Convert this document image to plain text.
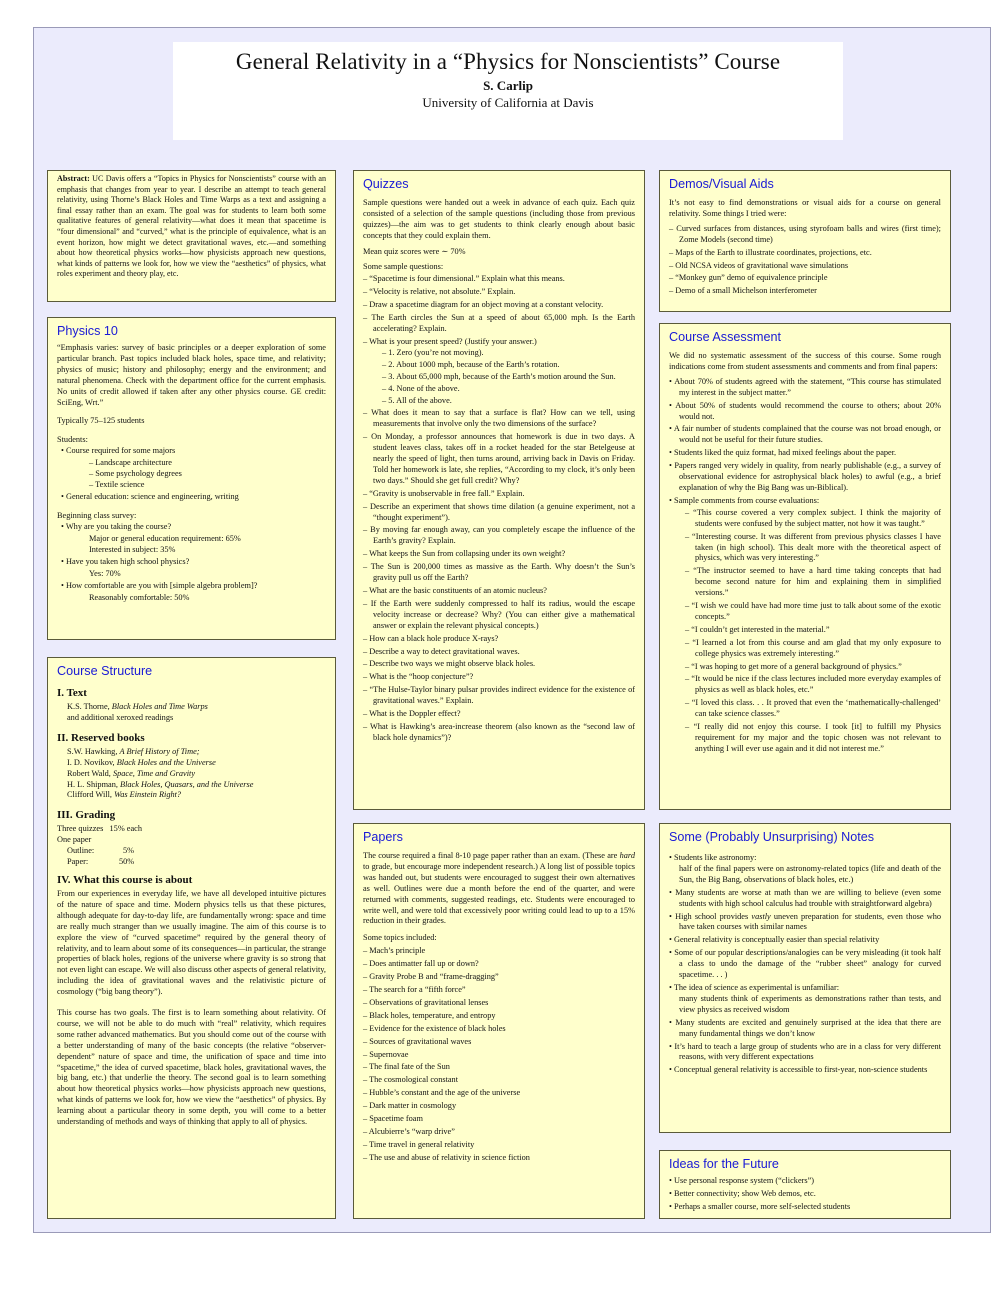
General Relativity in a “Physics for Nonscientists” Course
S. Carlip
University of California at Davis

Abstract: UC Davis offers a “Topics in Physics for Nonscientists” course with an emphasis that changes from year to year. I describe an attempt to teach general relativity, using Thorne’s Black Holes and Time Warps as a text and assigning a final essay rather than an exam. The goal was for students to learn both some qualitative features of general relativity—what does it mean that spacetime is “four dimensional” and “curved,” what is the principle of equivalence, what is an event horizon, how might we detect gravitational waves, etc.—and something about how theoretical physics works—how physicists approach new questions, what kinds of patterns we look for, how we view the “aesthetics” of physics, what roles experiment and theory play, etc.

Physics 10

“Emphasis varies: survey of basic principles or a deeper exploration of some particular branch. Past topics included black holes, space time, and relativity; physics of music; history and philosophy; energy and the environment; and natural phenomena. Check with the department office for the current emphasis. No units of credit allowed if taken after any other physics course. GE credit: SciEng, Wrt.”

Typically 75–125 students

Students:
• Course required for some majors
– Landscape architecture
– Some psychology degrees
– Textile science
• General education: science and engineering, writing
Beginning class survey:
• Why are you taking the course?
Major or general education requirement: 65%
Interested in subject: 35%
• Have you taken high school physics?
Yes: 70%
• How comfortable are you with [simple algebra problem]?
Reasonably comfortable: 50%
Course Structure
I. Text
K.S. Thorne, Black Holes and Time Warps
and additional xeroxed readings
II. Reserved books
S.W. Hawking, A Brief History of Time;
I. D. Novikov, Black Holes and the Universe
Robert Wald, Space, Time and Gravity
H. L. Shipman, Black Holes, Quasars, and the Universe
Clifford Will, Was Einstein Right?
III. Grading
Three quizzes   15% each
One paper
Outline:	5%
Paper:	50%
IV. What this course is about

From our experiences in everyday life, we have all developed intuitive pictures of the nature of space and time. Modern physics tells us that these pictures, although adequate for day-to-day life, are fundamentally wrong: space and time are really much stranger than we usually imagine. The aim of this course is to explore the view of “curved spacetime” required by the general theory of relativity, and to learn about some of its consequences—in particular, the strange properties of black holes, regions of the universe where gravity is so strong that not even light can escape. We will also discuss other aspects of general relativity, including the idea of gravitational waves and the relativistic picture of cosmology (“big bang theory”).

This course has two goals. The first is to learn something about relativity. Of course, we will not be able to do much with “real” relativity, which requires some rather advanced mathematics. But you should come out of the course with a better understanding of many of the basic concepts (the relative “observer-dependent” nature of space and time, the unification of space and time into “spacetime,” the idea of curved spacetime, black holes, gravitational waves, the big bang, etc.) that underlie the theory. The second goal is to learn something about how theoretical physics works—how physicists approach new questions, what kinds of patterns we look for, how we view the “aesthetics” of physics. By learning about a particular theory in some depth, you will come to a better understanding of methods and ways of thinking that apply to all of physics.

Quizzes

Sample questions were handed out a week in advance of each quiz. Each quiz consisted of a selection of the sample questions (including those from previous quizzes)—the aim was to get students to think clearly enough about basic concepts that they could explain them.

Mean quiz scores were ∼ 70%

Some sample questions:
– “Spacetime is four dimensional.” Explain what this means.
– “Velocity is relative, not absolute.” Explain.
– Draw a spacetime diagram for an object moving at a constant velocity.
– The Earth circles the Sun at a speed of about 65,000 mph. Is the Earth accelerating? Explain.
– What is your present speed? (Justify your answer.)
– 1. Zero (you’re not moving).
– 2. About 1000 mph, because of the Earth’s rotation.
– 3. About 65,000 mph, because of the Earth’s motion around the Sun.
– 4. None of the above.
– 5. All of the above.
– What does it mean to say that a surface is flat? How can we tell, using measurements that involve only the two dimensions of the surface?
– On Monday, a professor announces that homework is due in two days. A student leaves class, takes off in a rocket headed for the star Betelgeuse at nearly the speed of light, then turns around, arriving back in Davis on Friday. Told her homework is late, she replies, “According to my clock, it’s only been two days.” Should she get full credit? Why?
– “Gravity is unobservable in free fall.” Explain.
– Describe an experiment that shows time dilation (a genuine experiment, not a “thought experiment”).
– By moving far enough away, can you completely escape the influence of the Earth’s gravity? Explain.
– What keeps the Sun from collapsing under its own weight?
– The Sun is 200,000 times as massive as the Earth. Why doesn’t the Sun’s gravity pull us off the Earth?
– What are the basic constituents of an atomic nucleus?
– If the Earth were suddenly compressed to half its radius, would the escape velocity increase or decrease? Why? (You can either give a mathematical answer or explain the relevant physical concepts.)
– How can a black hole produce X-rays?
– Describe a way to detect gravitational waves.
– Describe two ways we might observe black holes.
– What is the “hoop conjecture”?
– “The Hulse-Taylor binary pulsar provides indirect evidence for the existence of gravitational waves.” Explain.
– What is the Doppler effect?
– What is Hawking’s area-increase theorem (also known as the “second law of black hole dynamics”)?
Papers

The course required a final 8-10 page paper rather than an exam. (These are hard to grade, but encourage more independent research.) A long list of possible topics was handed out, but students were encouraged to suggest their own alternatives as well. Outlines were due a month before the end of the quarter, and were returned with comments, suggested readings, etc. Students were encouraged to write well, and were told that excessively poor writing could lead to up to a 15% reduction in their grades.

Some topics included:
– Mach’s principle
– Does antimatter fall up or down?
– Gravity Probe B and “frame-dragging”
– The search for a “fifth force”
– Observations of gravitational lenses
– Black holes, temperature, and entropy
– Evidence for the existence of black holes
– Sources of gravitational waves
– Supernovae
– The final fate of the Sun
– The cosmological constant
– Hubble’s constant and the age of the universe
– Dark matter in cosmology
– Spacetime foam
– Alcubierre’s “warp drive”
– Time travel in general relativity
– The use and abuse of relativity in science fiction
Demos/Visual Aids

It’s not easy to find demonstrations or visual aids for a course on general relativity. Some things I tried were:

– Curved surfaces from distances, using styrofoam balls and wires (first time); Zome Models (second time)
– Maps of the Earth to illustrate coordinates, projections, etc.
– Old NCSA videos of gravitational wave simulations
– “Monkey gun” demo of equivalence principle
– Demo of a small Michelson interferometer
Course Assessment

We did no systematic assessment of the success of this course. Some rough indications come from student assessments and comments and from final papers:

• About 70% of students agreed with the statement, “This course has stimulated my interest in the subject matter.”
• About 50% of students would recommend the course to others; about 20% would not.
• A fair number of students complained that the course was not broad enough, or would not be useful for their future studies.
• Students liked the quiz format, had mixed feelings about the paper.
• Papers ranged very widely in quality, from nearly publishable (e.g., a survey of observational evidence for astrophysical black holes) to awful (e.g., a brief explanation of why the Big Bang was un-Biblical).
• Sample comments from course evaluations:
– “This course covered a very complex subject. I think the majority of students were confused by the subject matter, not how it was taught.”
– “Interesting course. It was different from previous physics classes I have taken (in high school). This dealt more with the theoretical aspect of physics, which was very interesting.”
– “The instructor seemed to have a hard time taking concepts that had become second nature for him and explaining them in simplified versions.”
– “I wish we could have had more time just to talk about some of the exotic concepts.”
– “I couldn’t get interested in the material.”
– “I learned a lot from this course and am glad that my only exposure to college physics was extremely interesting.”
– “I was hoping to get more of a general background of physics.”
– “It would be nice if the class lectures included more everyday examples of physics as well as black holes, etc.”
– “I loved this class. . . It proved that even the ‘mathematically-challenged’ can take science classes.”
– “I really did not enjoy this course. I took [it] to fulfill my Physics requirement for my major and the topic chosen was not relevant to anything I will ever use again and it did not interest me.”
Some (Probably Unsurprising) Notes
• Students like astronomy:
half of the final papers were on astronomy-related topics (life and death of the Sun, the Big Bang, observations of black holes, etc.)
• Many students are worse at math than we are willing to believe (even some students with high school calculus had trouble with straightforward algebra)
• High school provides vastly uneven preparation for students, even those who have taken courses with similar names
• General relativity is conceptually easier than special relativity
• Some of our popular descriptions/analogies can be very misleading (it took half a class to undo the damage of the “rubber sheet” analogy for curved spacetime. . . )
• The idea of science as experimental is unfamiliar:
many students think of experiments as demonstrations rather than tests, and view physics as received wisdom
• Many students are excited and genuinely surprised at the idea that there are many fundamental things we don’t know
• It’s hard to teach a large group of students who are in a class for very different reasons, with very different expectations
• Conceptual general relativity is accessible to first-year, non-science students
Ideas for the Future
• Use personal response system (“clickers”)
• Better connectivity; show Web demos, etc.
• Perhaps a smaller course, more self-selected students
